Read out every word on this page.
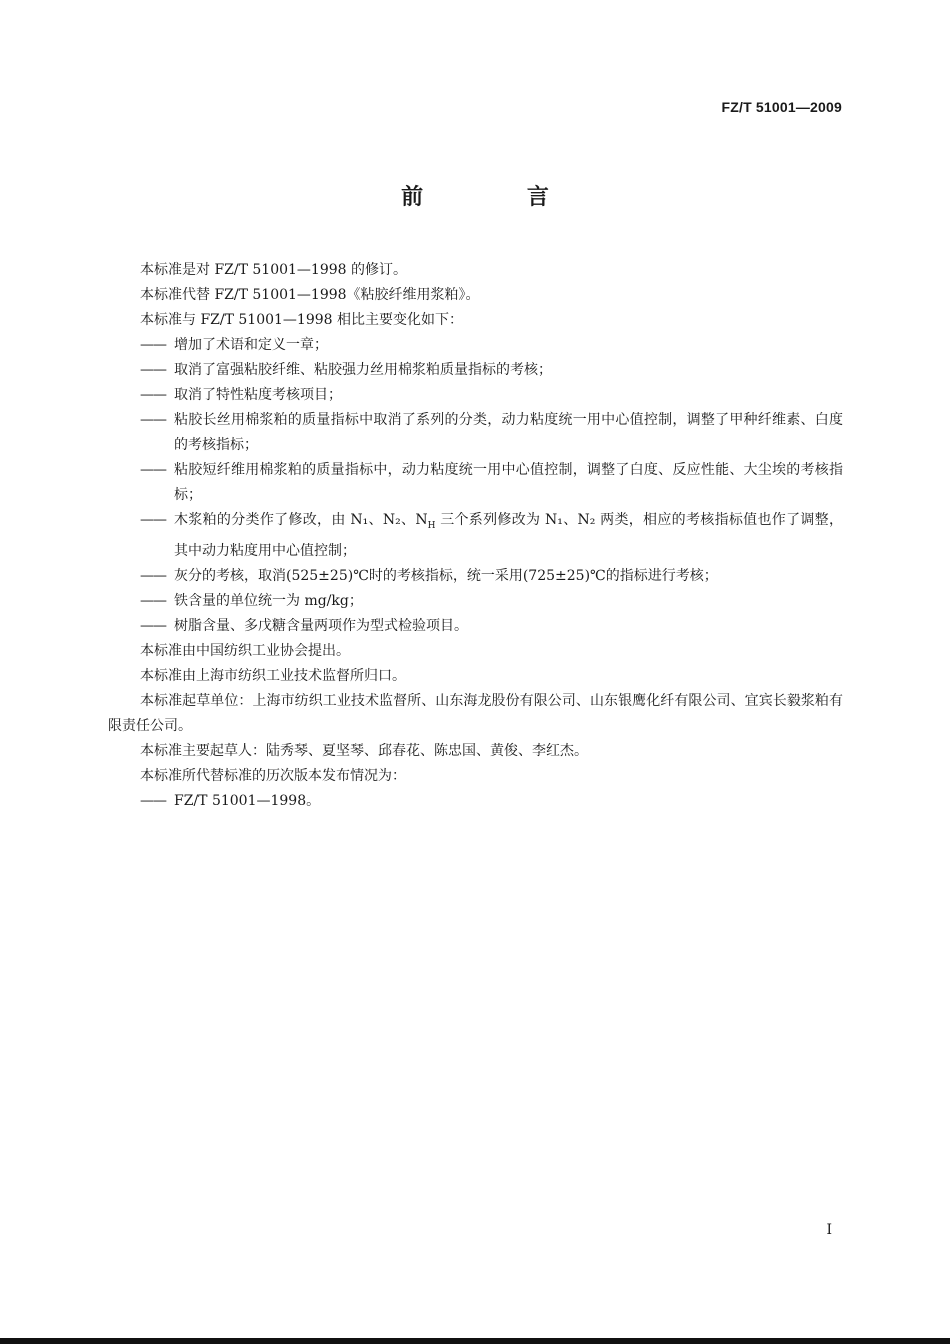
FZ/T 51001—2009
前 言

本标准是对 FZ/T 51001—1998 的修订。

本标准代替 FZ/T 51001—1998《粘胶纤维用浆粕》。

本标准与 FZ/T 51001—1998 相比主要变化如下：

—— 增加了术语和定义一章；
—— 取消了富强粘胶纤维、粘胶强力丝用棉浆粕质量指标的考核；
—— 取消了特性粘度考核项目；
—— 粘胶长丝用棉浆粕的质量指标中取消了系列的分类，动力粘度统一用中心值控制，调整了甲种纤维素、白度的考核指标；
—— 粘胶短纤维用棉浆粕的质量指标中，动力粘度统一用中心值控制，调整了白度、反应性能、大尘埃的考核指标；
—— 木浆粕的分类作了修改，由 N₁、N₂、$N_H$ 三个系列修改为 N₁、N₂ 两类，相应的考核指标值也作了调整，其中动力粘度用中心值控制；
—— 灰分的考核，取消(525±25)℃时的考核指标，统一采用(725±25)℃的指标进行考核；
—— 铁含量的单位统一为 mg/kg；
—— 树脂含量、多戊糖含量两项作为型式检验项目。

本标准由中国纺织工业协会提出。

本标准由上海市纺织工业技术监督所归口。

本标准起草单位：上海市纺织工业技术监督所、山东海龙股份有限公司、山东银鹰化纤有限公司、宜宾长毅浆粕有限责任公司。

本标准主要起草人：陆秀琴、夏坚琴、邱春花、陈忠国、黄俊、李红杰。

本标准所代替标准的历次版本发布情况为：

—— FZ/T 51001—1998。
I
